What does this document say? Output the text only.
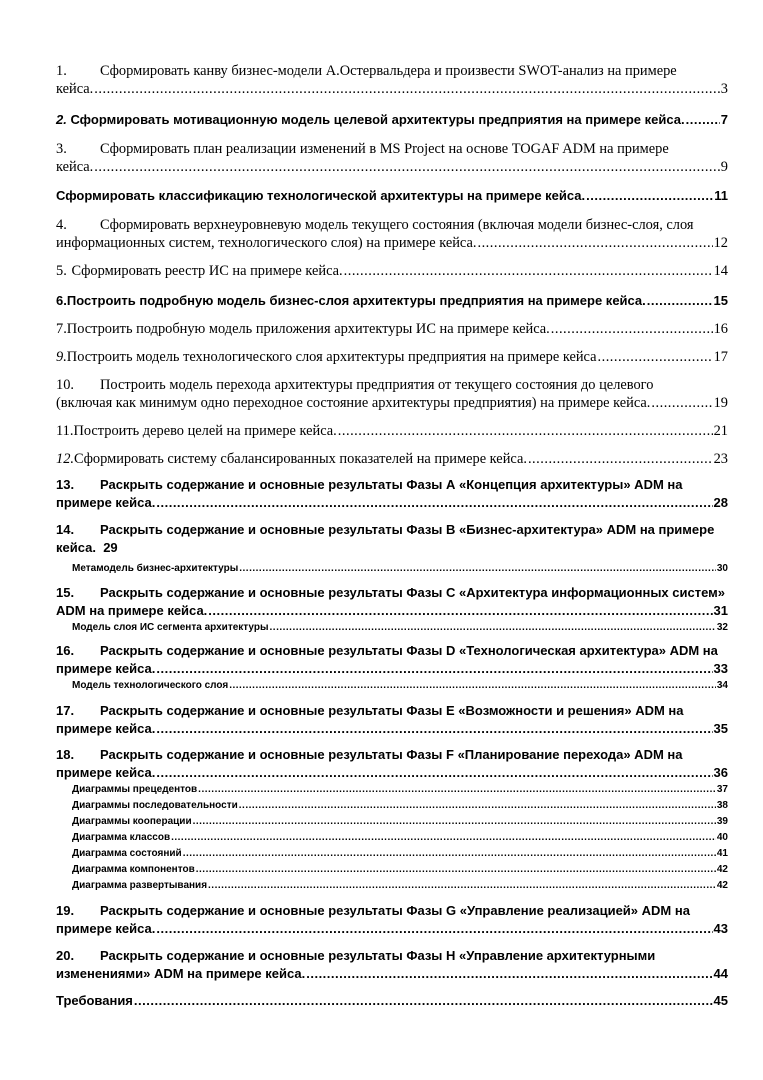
1. Сформировать канву бизнес-модели А.Остервальдера и произвести SWOT-анализ на примере
кейса. .....	3
2.
Сформировать мотивационную модель целевой архитектуры предприятия на примере кейса. .....	7
3. Сформировать план реализации изменений в MS Project на основе TOGAF ADM на примере
кейса. .....	9
Сформировать классификацию технологической архитектуры на примере кейса. .....	11
4. Сформировать верхнеуровневую модель текущего состояния (включая модели бизнес-слоя, слоя
информационных систем, технологического слоя) на примере кейса. .....	12
5. Сформировать реестр ИС на примере кейса. .....	14
6. Построить подробную модель бизнес-слоя архитектуры предприятия на примере кейса. .....	15
7. Построить подробную модель приложения архитектуры ИС на примере кейса. .....	16
9. Построить модель технологического слоя архитектуры предприятия на примере кейса .....	17
10. Построить модель перехода архитектуры предприятия от текущего состояния до целевого
(включая как минимум одно переходное состояние архитектуры предприятия) на примере кейса. .....	19
11. Построить дерево целей на примере кейса. .....	21
12. Сформировать систему сбалансированных показателей на примере кейса. .....	23
13. Раскрыть содержание и основные результаты Фазы А «Концепция архитектуры» ADM на
примере кейса. .....	28
14. Раскрыть содержание и основные результаты Фазы В «Бизнес-архитектура» ADM на примере
кейса. 29
Метамодель бизнес-архитектуры .....	30
15. Раскрыть содержание и основные результаты Фазы С «Архитектура информационных систем»
ADM на примере кейса. .....	31
Модель слоя ИС сегмента архитектуры .....	32
16. Раскрыть содержание и основные результаты Фазы D «Технологическая архитектура» ADM на
примере кейса. .....	33
Модель технологического слоя .....	34
17. Раскрыть содержание и основные результаты Фазы E «Возможности и решения» ADM на
примере кейса. .....	35
18. Раскрыть содержание и основные результаты Фазы F «Планирование перехода» ADM на
примере кейса. .....	36
Диаграммы прецедентов .....	37
Диаграммы последовательности .....	38
Диаграммы кооперации .....	39
Диаграмма классов .....	40
Диаграмма состояний .....	41
Диаграмма компонентов .....	42
Диаграмма развертывания .....	42
19. Раскрыть содержание и основные результаты Фазы G «Управление реализацией» ADM на
примере кейса. .....	43
20. Раскрыть содержание и основные результаты Фазы H «Управление архитектурными
изменениями» ADM на примере кейса. .....	44
Требования .....	45
